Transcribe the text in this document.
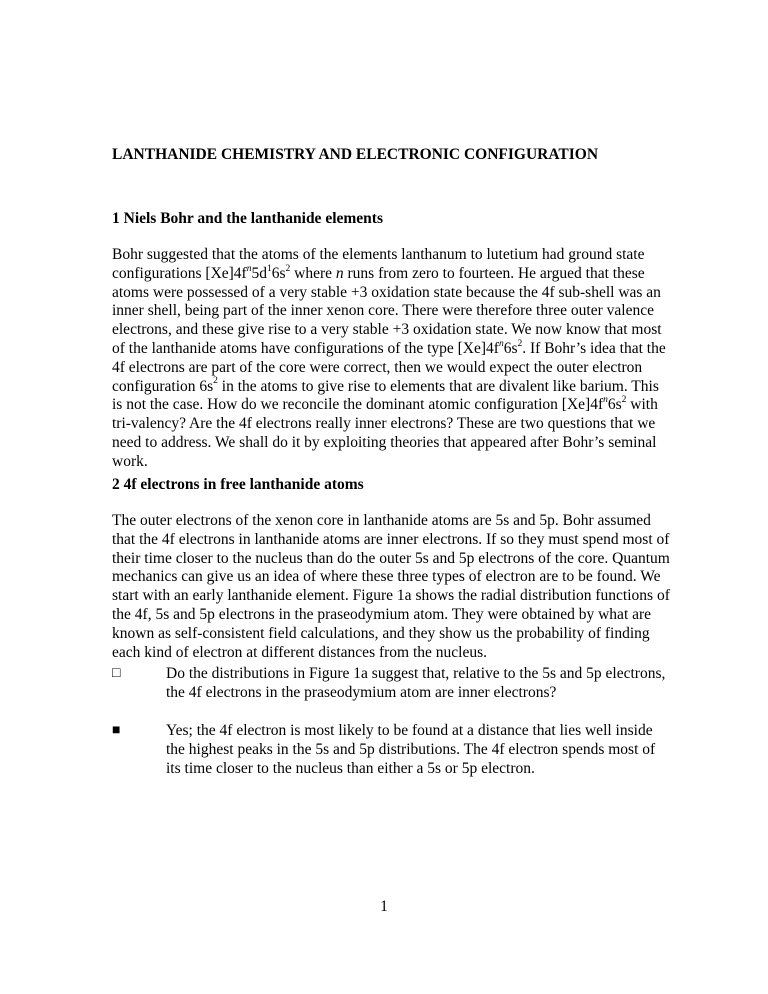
LANTHANIDE CHEMISTRY AND ELECTRONIC CONFIGURATION
1 Niels Bohr and the lanthanide elements
Bohr suggested that the atoms of the elements lanthanum to lutetium had ground state configurations $[Xe]4f^n5d^16s^2$ where n runs from zero to fourteen. He argued that these atoms were possessed of a very stable +3 oxidation state because the 4f sub-shell was an inner shell, being part of the inner xenon core. There were therefore three outer valence electrons, and these give rise to a very stable +3 oxidation state. We now know that most of the lanthanide atoms have configurations of the type $[Xe]4f^n6s^2$. If Bohr’s idea that the 4f electrons are part of the core were correct, then we would expect the outer electron configuration $6s^2$ in the atoms to give rise to elements that are divalent like barium. This is not the case. How do we reconcile the dominant atomic configuration $[Xe]4f^n6s^2$ with tri-valency? Are the 4f electrons really inner electrons? These are two questions that we need to address. We shall do it by exploiting theories that appeared after Bohr’s seminal work.
2 4f electrons in free lanthanide atoms
The outer electrons of the xenon core in lanthanide atoms are 5s and 5p. Bohr assumed that the 4f electrons in lanthanide atoms are inner electrons. If so they must spend most of their time closer to the nucleus than do the outer 5s and 5p electrons of the core. Quantum mechanics can give us an idea of where these three types of electron are to be found. We start with an early lanthanide element. Figure 1a shows the radial distribution functions of the 4f, 5s and 5p electrons in the praseodymium atom. They were obtained by what are known as self-consistent field calculations, and they show us the probability of finding each kind of electron at different distances from the nucleus.
□	Do the distributions in Figure 1a suggest that, relative to the 5s and 5p electrons, the 4f electrons in the praseodymium atom are inner electrons?
■	Yes; the 4f electron is most likely to be found at a distance that lies well inside the highest peaks in the 5s and 5p distributions. The 4f electron spends most of its time closer to the nucleus than either a 5s or 5p electron.
1
